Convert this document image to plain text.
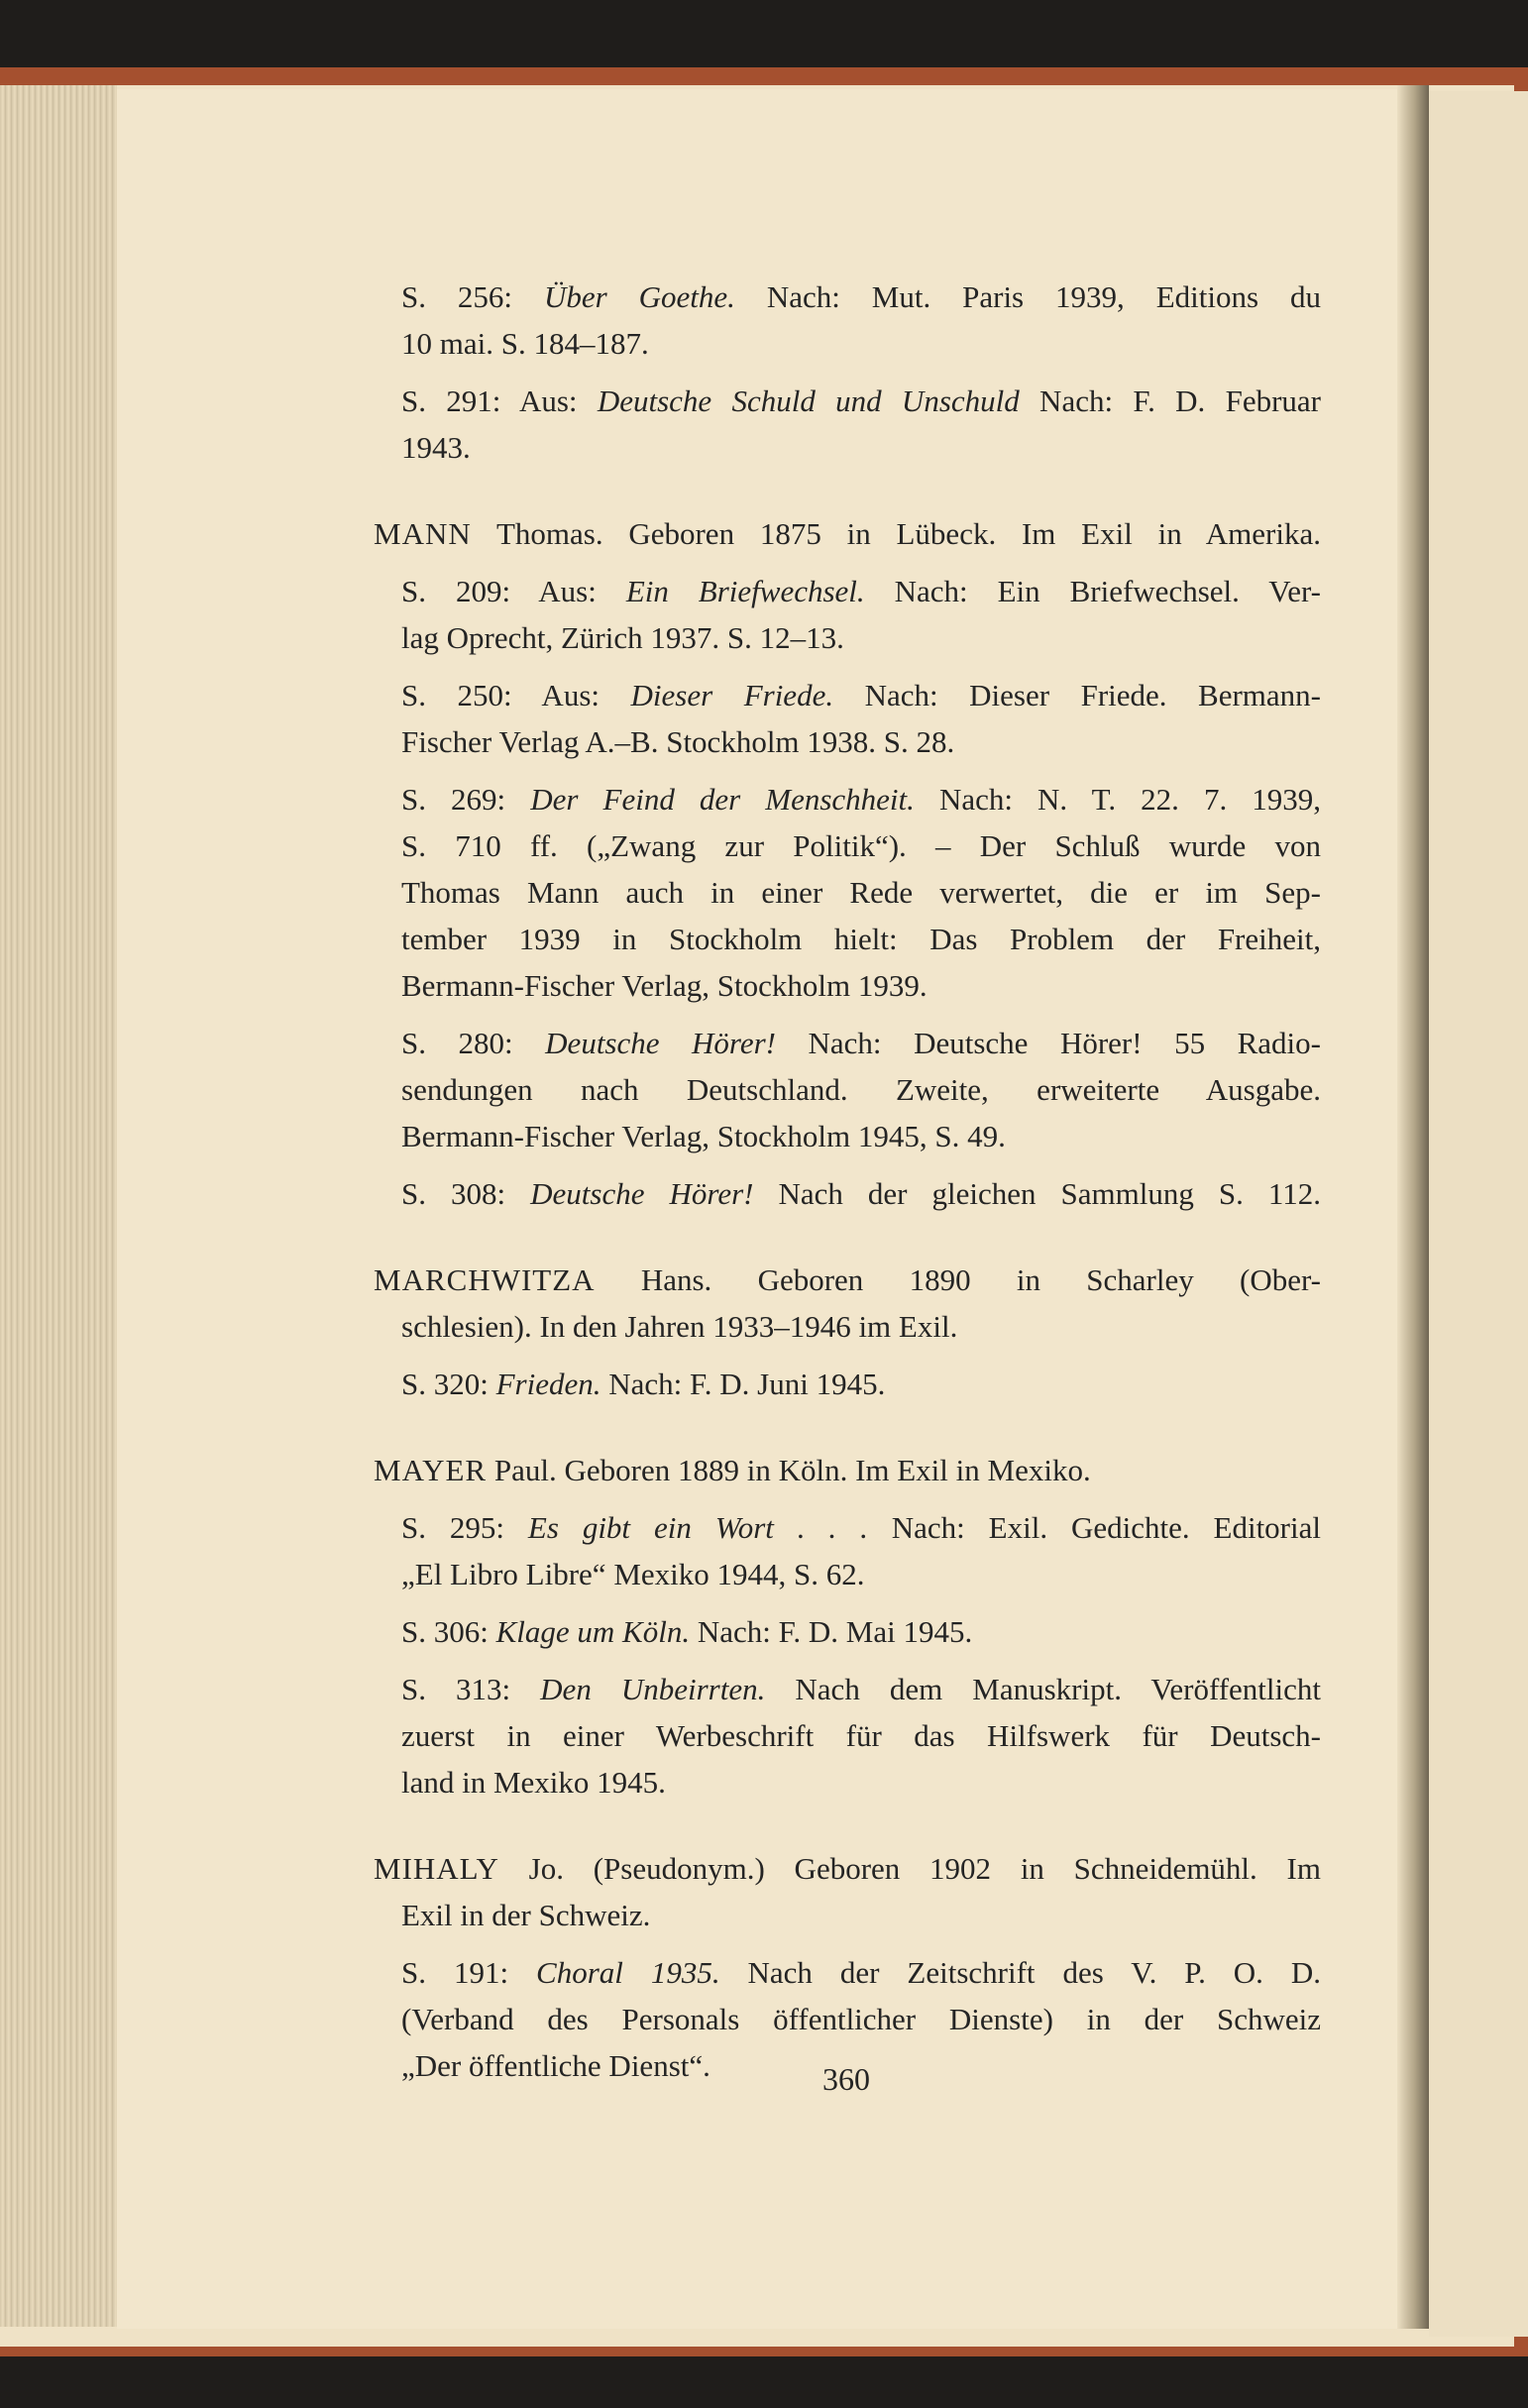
S. 256: Über Goethe. Nach: Mut. Paris 1939, Editions du
10 mai. S. 184–187.
S. 291: Aus: Deutsche Schuld und Unschuld Nach: F. D. Februar
1943.
MANN Thomas. Geboren 1875 in Lübeck. Im Exil in Amerika.
S. 209: Aus: Ein Briefwechsel. Nach: Ein Briefwechsel. Ver-
lag Oprecht, Zürich 1937. S. 12–13.
S. 250: Aus: Dieser Friede. Nach: Dieser Friede. Bermann-
Fischer Verlag A.–B. Stockholm 1938. S. 28.
S. 269: Der Feind der Menschheit. Nach: N. T. 22. 7. 1939,
S. 710 ff. („Zwang zur Politik“). – Der Schluß wurde von
Thomas Mann auch in einer Rede verwertet, die er im Sep-
tember 1939 in Stockholm hielt: Das Problem der Freiheit,
Bermann-Fischer Verlag, Stockholm 1939.
S. 280: Deutsche Hörer! Nach: Deutsche Hörer! 55 Radio-
sendungen nach Deutschland. Zweite, erweiterte Ausgabe.
Bermann-Fischer Verlag, Stockholm 1945, S. 49.
S. 308: Deutsche Hörer! Nach der gleichen Sammlung S. 112.
MARCHWITZA Hans. Geboren 1890 in Scharley (Ober-
schlesien). In den Jahren 1933–1946 im Exil.
S. 320: Frieden. Nach: F. D. Juni 1945.
MAYER Paul. Geboren 1889 in Köln. Im Exil in Mexiko.
S. 295: Es gibt ein Wort . . . Nach: Exil. Gedichte. Editorial
„El Libro Libre“ Mexiko 1944, S. 62.
S. 306: Klage um Köln. Nach: F. D. Mai 1945.
S. 313: Den Unbeirrten. Nach dem Manuskript. Veröffentlicht
zuerst in einer Werbeschrift für das Hilfswerk für Deutsch-
land in Mexiko 1945.
MIHALY Jo. (Pseudonym.) Geboren 1902 in Schneidemühl. Im
Exil in der Schweiz.
S. 191: Choral 1935. Nach der Zeitschrift des V. P. O. D.
(Verband des Personals öffentlicher Dienste) in der Schweiz
„Der öffentliche Dienst“.	360
